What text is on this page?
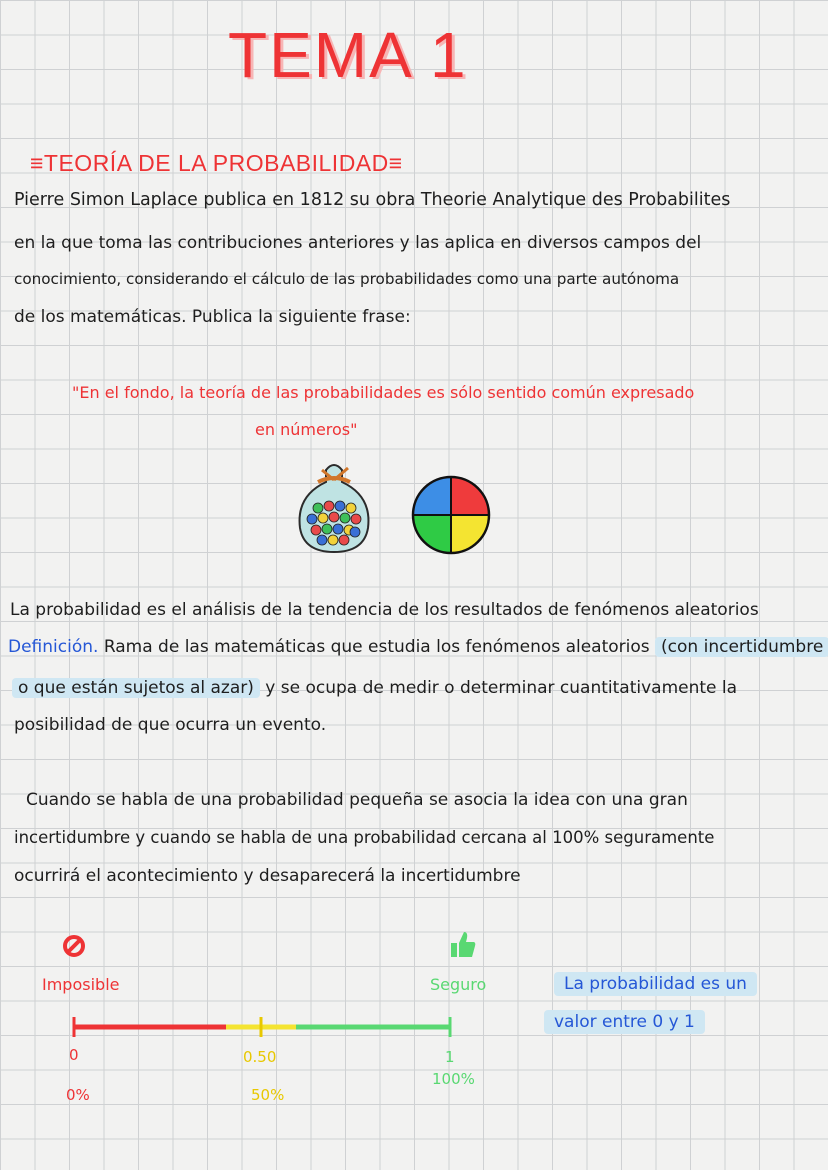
TEMA 1
≡TEORÍA DE LA PROBABILIDAD≡
Pierre Simon Laplace publica en 1812 su obra Theorie Analytique des Probabilites
en la que toma las contribuciones anteriores y las aplica en diversos campos del
conocimiento, considerando el cálculo de las probabilidades como una parte autónoma
de los matemáticas. Publica la siguiente frase:
"En el fondo, la teoría de las probabilidades es sólo sentido común expresado
en números"
La probabilidad es el análisis de la tendencia de los resultados de fenómenos aleatorios
Definición. Rama de las matemáticas que estudia los fenómenos aleatorios (con incertidumbre
o que están sujetos al azar) y se ocupa de medir o determinar cuantitativamente la
posibilidad de que ocurra un evento.
Cuando se habla de una probabilidad pequeña se asocia la idea con una gran
incertidumbre y cuando se habla de una probabilidad cercana al 100% seguramente
ocurrirá el acontecimiento y desaparecerá la incertidumbre
Imposible	Seguro
0	0.50	1
0%	50%
100%
La probabilidad es un
valor entre 0 y 1
